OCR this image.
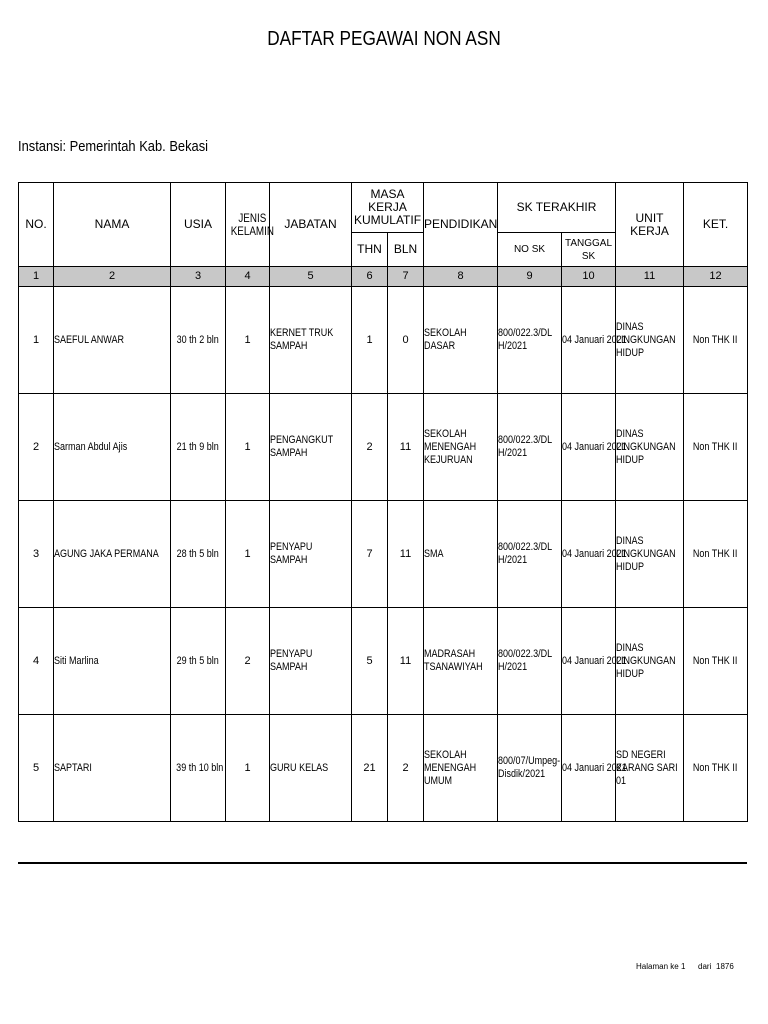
DAFTAR PEGAWAI NON ASN
Instansi: Pemerintah Kab. Bekasi
NO.	NAMA	USIA	JENIS KELAMIN	JABATAN	MASA KERJA KUMULATIF		PENDIDIKAN	SK TERAKHIR		UNIT KERJA	KET.
					THN	BLN		NO SK	TANGGAL SK		
1	2	3	4	5	6	7	8	9	10	11	12
1	SAEFUL ANWAR	30 th 2 bln	1	KERNET TRUK SAMPAH	1	0	SEKOLAH DASAR	800/022.3/DLH/2021	04 Januari 2021	DINAS LINGKUNGAN HIDUP	Non THK II
2	Sarman Abdul Ajis	21 th 9 bln	1	PENGANGKUT SAMPAH	2	11	SEKOLAH MENENGAH KEJURUAN	800/022.3/DLH/2021	04 Januari 2021	DINAS LINGKUNGAN HIDUP	Non THK II
3	AGUNG JAKA PERMANA	28 th 5 bln	1	PENYAPU SAMPAH	7	11	SMA	800/022.3/DLH/2021	04 Januari 2021	DINAS LINGKUNGAN HIDUP	Non THK II
4	Siti Marlina	29 th 5 bln	2	PENYAPU SAMPAH	5	11	MADRASAH TSANAWIYAH	800/022.3/DLH/2021	04 Januari 2021	DINAS LINGKUNGAN HIDUP	Non THK II
5	SAPTARI	39 th 10 bln	1	GURU KELAS	21	2	SEKOLAH MENENGAH UMUM	800/07/Umpeg-Disdik/2021	04 Januari 2021	SD NEGERI KARANG SARI 01	Non THK II
Halaman ke 1 dari 1876
